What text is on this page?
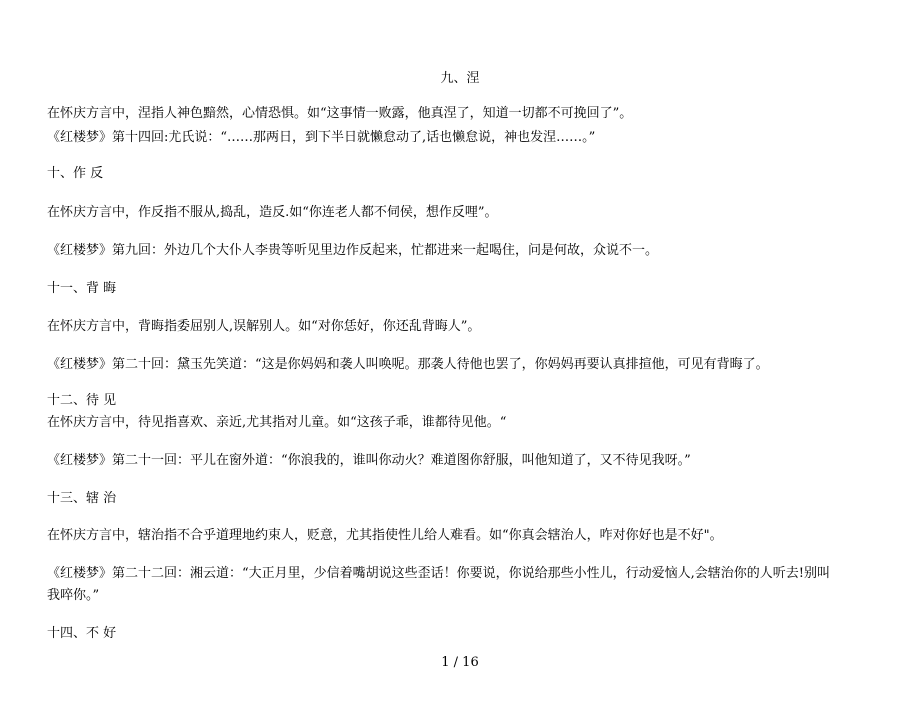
九、涅
在怀庆方言中，涅指人神色黯然，心情恐惧。如“这事情一败露，他真涅了，知道一切都不可挽回了”。
《红楼梦》第十四回:尤氏说：“……那两日，到下半日就懒怠动了,话也懒怠说，神也发涅……。”
十、作 反
在怀庆方言中，作反指不服从,捣乱，造反.如“你连老人都不伺侯，想作反哩”。
《红楼梦》第九回：外边几个大仆人李贵等听见里边作反起来，忙都进来一起喝住，问是何故，众说不一。
十一、背 晦
在怀庆方言中，背晦指委屈别人,误解别人。如“对你恁好，你还乱背晦人”。
《红楼梦》第二十回：黛玉先笑道：“这是你妈妈和袭人叫唤呢。那袭人待他也罢了，你妈妈再要认真排揎他，可见有背晦了。
十二、待 见
在怀庆方言中，待见指喜欢、亲近,尤其指对儿童。如“这孩子乖，谁都待见他。“
《红楼梦》第二十一回：平儿在窗外道：“你浪我的，谁叫你动火？难道图你舒服，叫他知道了，又不待见我呀。”
十三、辖 治
在怀庆方言中，辖治指不合乎道理地约束人，贬意，尤其指使性儿给人难看。如“你真会辖治人，咋对你好也是不好"。
《红楼梦》第二十二回：湘云道：“大正月里，少信着嘴胡说这些歪话！你要说，你说给那些小性儿，行动爱恼人,会辖治你的人听去!别叫我啐你。”
十四、不 好
1 / 16
